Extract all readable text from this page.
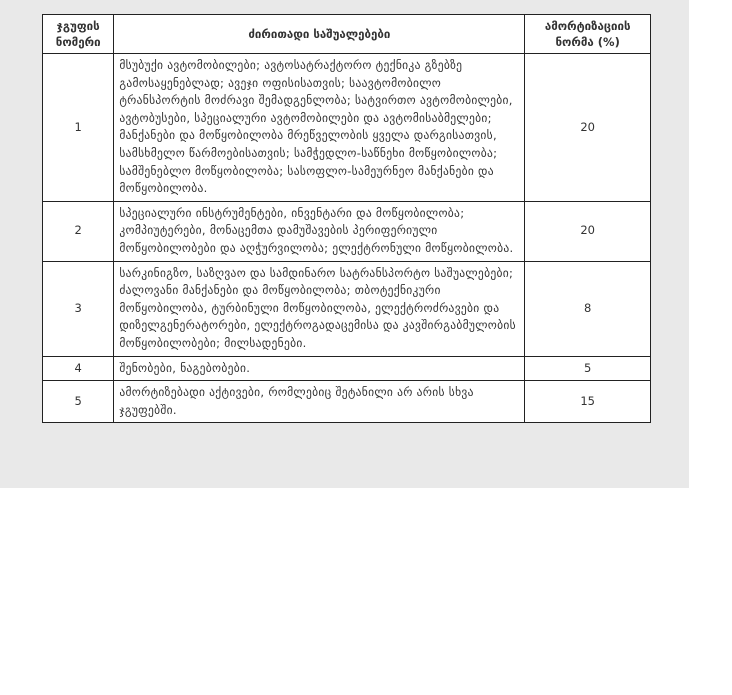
ჯგუფის ნომერი	ძირითადი საშუალებები	ამორტიზაციის ნორმა (%)
1	მსუბუქი ავტომობილები; ავტოსატრაქტორო ტექნიკა გზებზე გამოსაყენებლად; ავეჯი ოფისისათვის; საავტომობილო ტრანსპორტის მოძრავი შემადგენლობა; სატვირთო ავტომობილები, ავტობუსები, სპეციალური ავტომობილები და ავტომისაბმელები; მანქანები და მოწყობილობა მრეწველობის ყველა დარგისათვის, სამსხმელო წარმოებისათვის; სამჭედლო-საწნეხი მოწყობილობა; სამშენებლო მოწყობილობა; სასოფლო-სამეურნეო მანქანები და მოწყობილობა.	20
2	სპეციალური ინსტრუმენტები, ინვენტარი და მოწყობილობა; კომპიუტერები, მონაცემთა დამუშავების პერიფერიული მოწყობილობები და აღჭურვილობა; ელექტრონული მოწყობილობა.	20
3	სარკინიგზო, საზღვაო და სამდინარო სატრანსპორტო საშუალებები; ძალოვანი მანქანები და მოწყობილობა; თბოტექნიკური მოწყობილობა, ტურბინული მოწყობილობა, ელექტროძრავები და დიზელგენერატორები, ელექტროგადაცემისა და კავშირგაბმულობის მოწყობილობები; მილსადენები.	8
4	შენობები, ნაგებობები.	5
5	ამორტიზებადი აქტივები, რომლებიც შეტანილი არ არის სხვა ჯგუფებში.	15
